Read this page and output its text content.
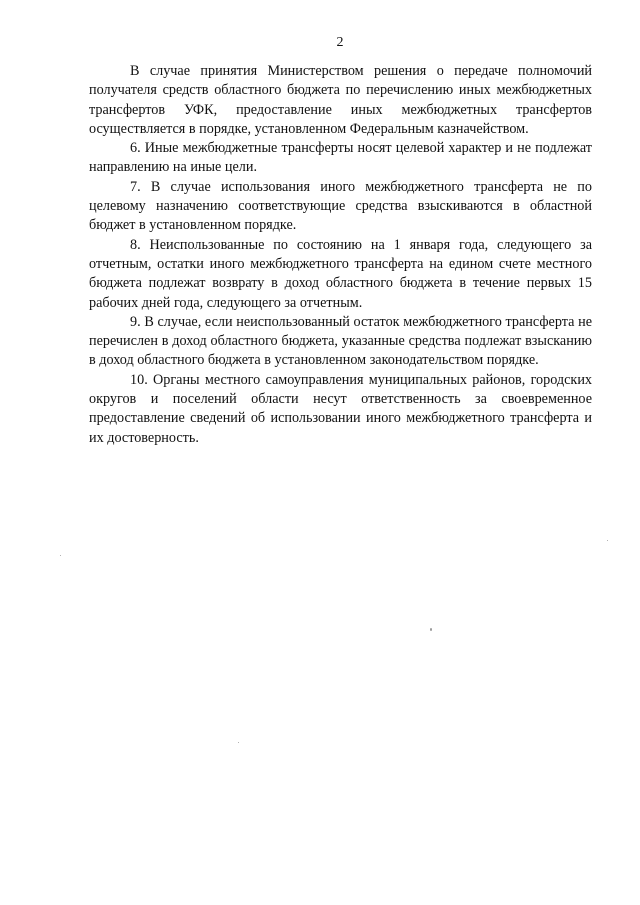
2

В случае принятия Министерством решения о передаче полномочий получателя средств областного бюджета по перечислению иных межбюджетных трансфертов УФК, предоставление иных межбюджетных трансфертов осуществляется в порядке, установленном Федеральным казначейством.

6. Иные межбюджетные трансферты носят целевой характер и не подлежат направлению на иные цели.

7. В случае использования иного межбюджетного трансферта не по целевому назначению соответствующие средства взыскиваются в областной бюджет в установленном порядке.

8. Неиспользованные по состоянию на 1 января года, следующего за отчетным, остатки иного межбюджетного трансферта на едином счете местного бюджета подлежат возврату в доход областного бюджета в течение первых 15 рабочих дней года, следующего за отчетным.

9. В случае, если неиспользованный остаток межбюджетного трансферта не перечислен в доход областного бюджета, указанные средства подлежат взысканию в доход областного бюджета в установленном законодательством порядке.

10. Органы местного самоуправления муниципальных районов, городских округов и поселений области несут ответственность за своевременное предоставление сведений об использовании иного межбюджетного трансферта и их достоверность.
